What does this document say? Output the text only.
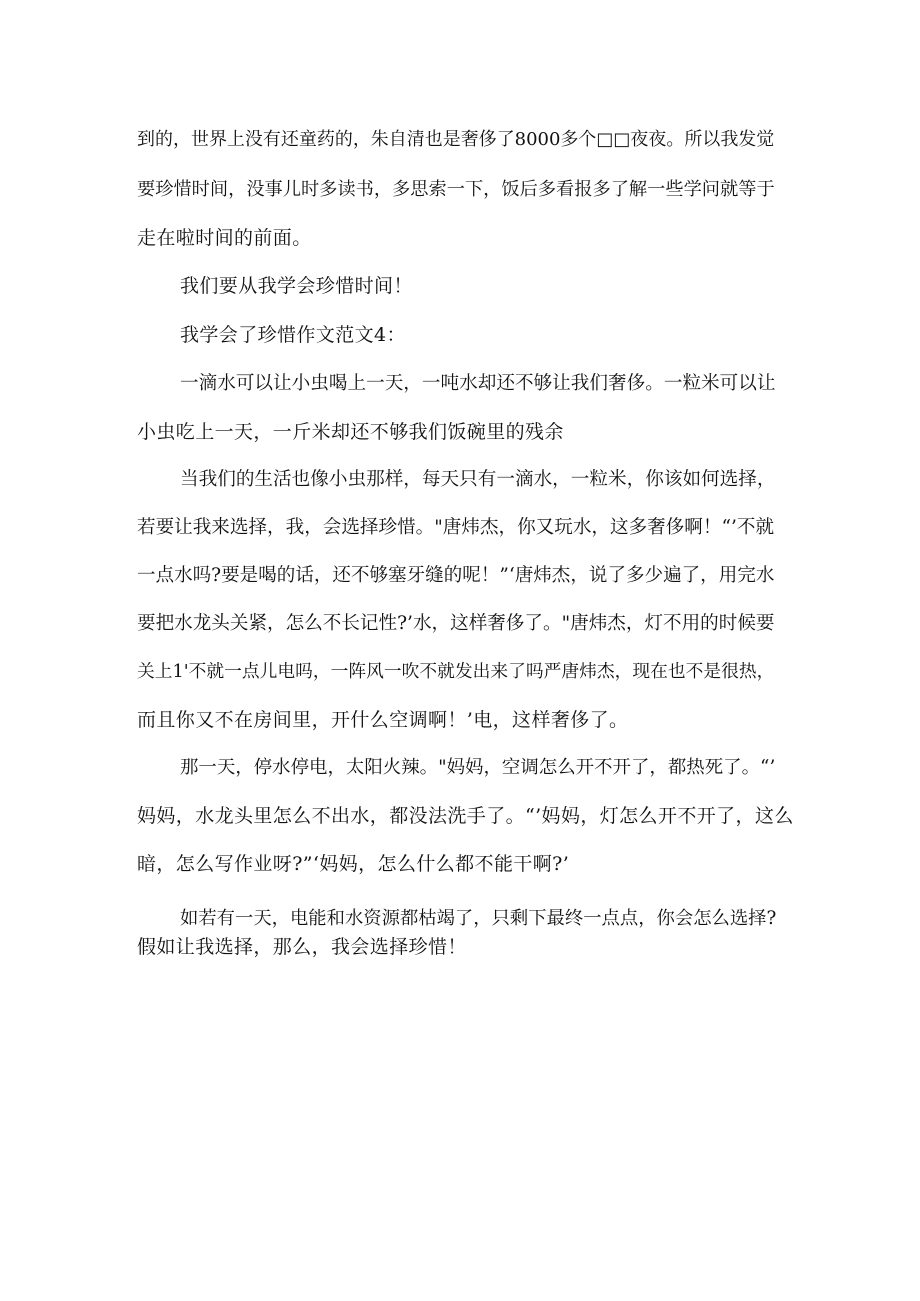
到的，世界上没有还童药的，朱自清也是奢侈了8000多个□□夜夜。所以我发觉
要珍惜时间，没事儿时多读书，多思索一下，饭后多看报多了解一些学问就等于
走在啦时间的前面。
我们要从我学会珍惜时间！
我学会了珍惜作文范文4：
一滴水可以让小虫喝上一天，一吨水却还不够让我们奢侈。一粒米可以让
小虫吃上一天，一斤米却还不够我们饭碗里的残余
当我们的生活也像小虫那样，每天只有一滴水，一粒米，你该如何选择，
若要让我来选择，我，会选择珍惜。"唐炜杰，你又玩水，这多奢侈啊！“’不就
一点水吗?要是喝的话，还不够塞牙缝的呢！”‘唐炜杰，说了多少遍了，用完水
要把水龙头关紧，怎么不长记性?’水，这样奢侈了。"唐炜杰，灯不用的时候要
关上1'不就一点儿电吗，一阵风一吹不就发出来了吗严唐炜杰，现在也不是很热，
而且你又不在房间里，开什么空调啊！’电，这样奢侈了。
那一天，停水停电，太阳火辣。"妈妈，空调怎么开不开了，都热死了。“’
妈妈，水龙头里怎么不出水，都没法洗手了。“’妈妈，灯怎么开不开了，这么
暗，怎么写作业呀?”‘妈妈，怎么什么都不能干啊?’
如若有一天，电能和水资源都枯竭了，只剩下最终一点点，你会怎么选择?
假如让我选择，那么，我会选择珍惜！
